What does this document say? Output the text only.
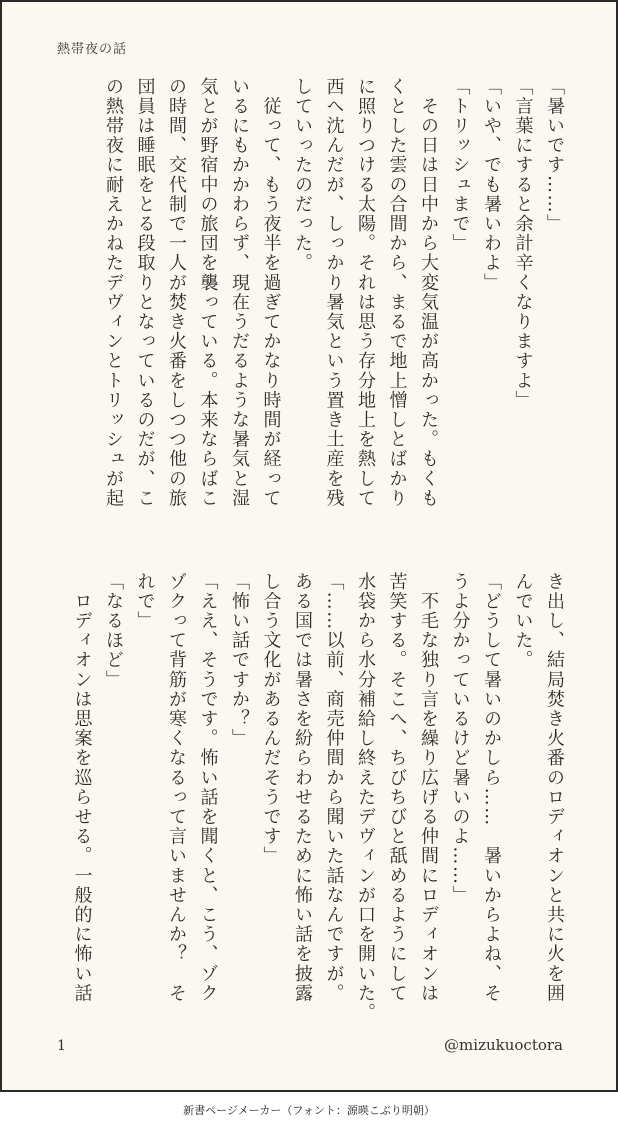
熱帯夜の話
「暑いです……」
「言葉にすると余計辛くなりますよ」
「いや、でも暑いわよ」
「トリッシュまで」
　その日は日中から大変気温が高かった。もくも
くとした雲の合間から、まるで地上憎しとばかり
に照りつける太陽。それは思う存分地上を熱して
西へ沈んだが、しっかり暑気という置き土産を残
していったのだった。
　従って、もう夜半を過ぎてかなり時間が経って
いるにもかかわらず、現在うだるような暑気と湿
気とが野宿中の旅団を襲っている。本来ならばこ
の時間、交代制で一人が焚き火番をしつつ他の旅
団員は睡眠をとる段取りとなっているのだが、こ
の熱帯夜に耐えかねたデヴィンとトリッシュが起
き出し、結局焚き火番のロディオンと共に火を囲
んでいた。
「どうして暑いのかしら……　暑いからよね、そ
うよ分かっているけど暑いのよ……」
　不毛な独り言を繰り広げる仲間にロディオンは
苦笑する。そこへ、ちびちびと舐めるようにして
水袋から水分補給し終えたデヴィンが口を開いた。
「……以前、商売仲間から聞いた話なんですが。
ある国では暑さを紛らわせるために怖い話を披露
し合う文化があるんだそうです」
「怖い話ですか？」
「ええ、そうです。怖い話を聞くと、こう、ゾク
ゾクって背筋が寒くなるって言いませんか？　そ
れで」
「なるほど」
　ロディオンは思案を巡らせる。一般的に怖い話
1	@mizukuoctora
新書ページメーカー（フォント：源暎こぶり明朝）
